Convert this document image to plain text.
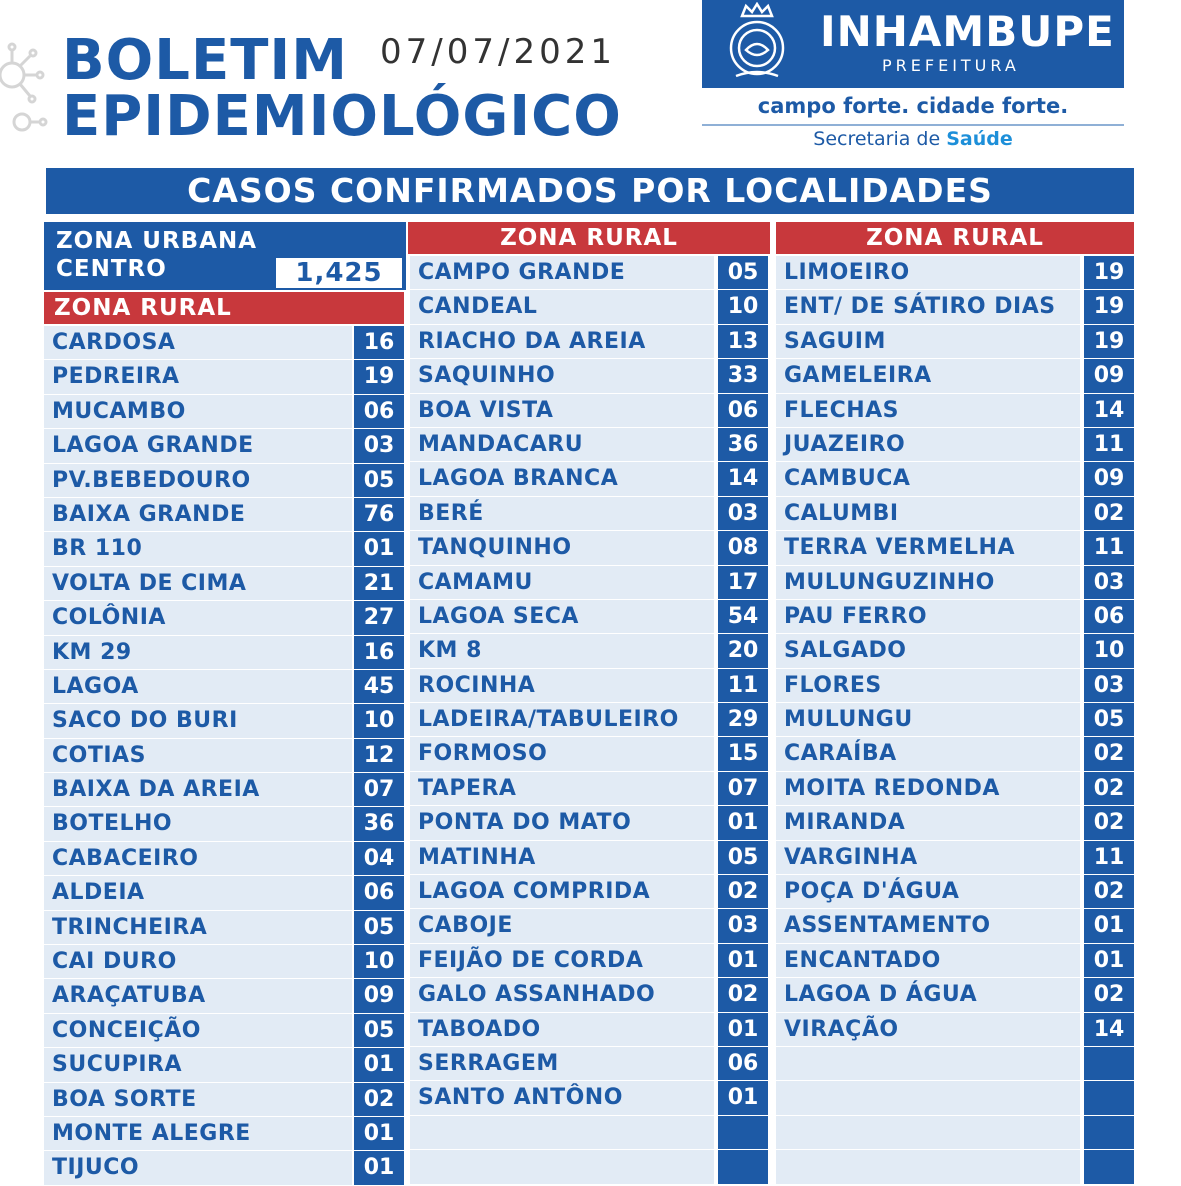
BOLETIM
EPIDEMIOLÓGICO
07/07/2021	INHAMBUPE
PREFEITURA
campo forte. cidade forte.
Secretaria de Saúde
CASOS CONFIRMADOS POR LOCALIDADES
ZONA URBANA
CENTRO	1,425
ZONA RURAL
CARDOSA	16
PEDREIRA	19
MUCAMBO	06
LAGOA GRANDE	03
PV.BEBEDOURO	05
BAIXA GRANDE	76
BR 110	01
VOLTA DE CIMA	21
COLÔNIA	27
KM 29	16
LAGOA	45
SACO DO BURI	10
COTIAS	12
BAIXA DA AREIA	07
BOTELHO	36
CABACEIRO	04
ALDEIA	06
TRINCHEIRA	05
CAI DURO	10
ARAÇATUBA	09
CONCEIÇÃO	05
SUCUPIRA	01
BOA SORTE	02
MONTE ALEGRE	01
TIJUCO	01
ZONA RURAL
CAMPO GRANDE	05
CANDEAL	10
RIACHO DA AREIA	13
SAQUINHO	33
BOA VISTA	06
MANDACARU	36
LAGOA BRANCA	14
BERÉ	03
TANQUINHO	08
CAMAMU	17
LAGOA SECA	54
KM 8	20
ROCINHA	11
LADEIRA/TABULEIRO	29
FORMOSO	15
TAPERA	07
PONTA DO MATO	01
MATINHA	05
LAGOA COMPRIDA	02
CABOJE	03
FEIJÃO DE CORDA	01
GALO ASSANHADO	02
TABOADO	01
SERRAGEM	06
SANTO ANTÔNO	01
ZONA RURAL
LIMOEIRO	19
ENT/ DE SÁTIRO DIAS	19
SAGUIM	19
GAMELEIRA	09
FLECHAS	14
JUAZEIRO	11
CAMBUCA	09
CALUMBI	02
TERRA VERMELHA	11
MULUNGUZINHO	03
PAU FERRO	06
SALGADO	10
FLORES	03
MULUNGU	05
CARAÍBA	02
MOITA REDONDA	02
MIRANDA	02
VARGINHA	11
POÇA D'ÁGUA	02
ASSENTAMENTO	01
ENCANTADO	01
LAGOA D ÁGUA	02
VIRAÇÃO	14
